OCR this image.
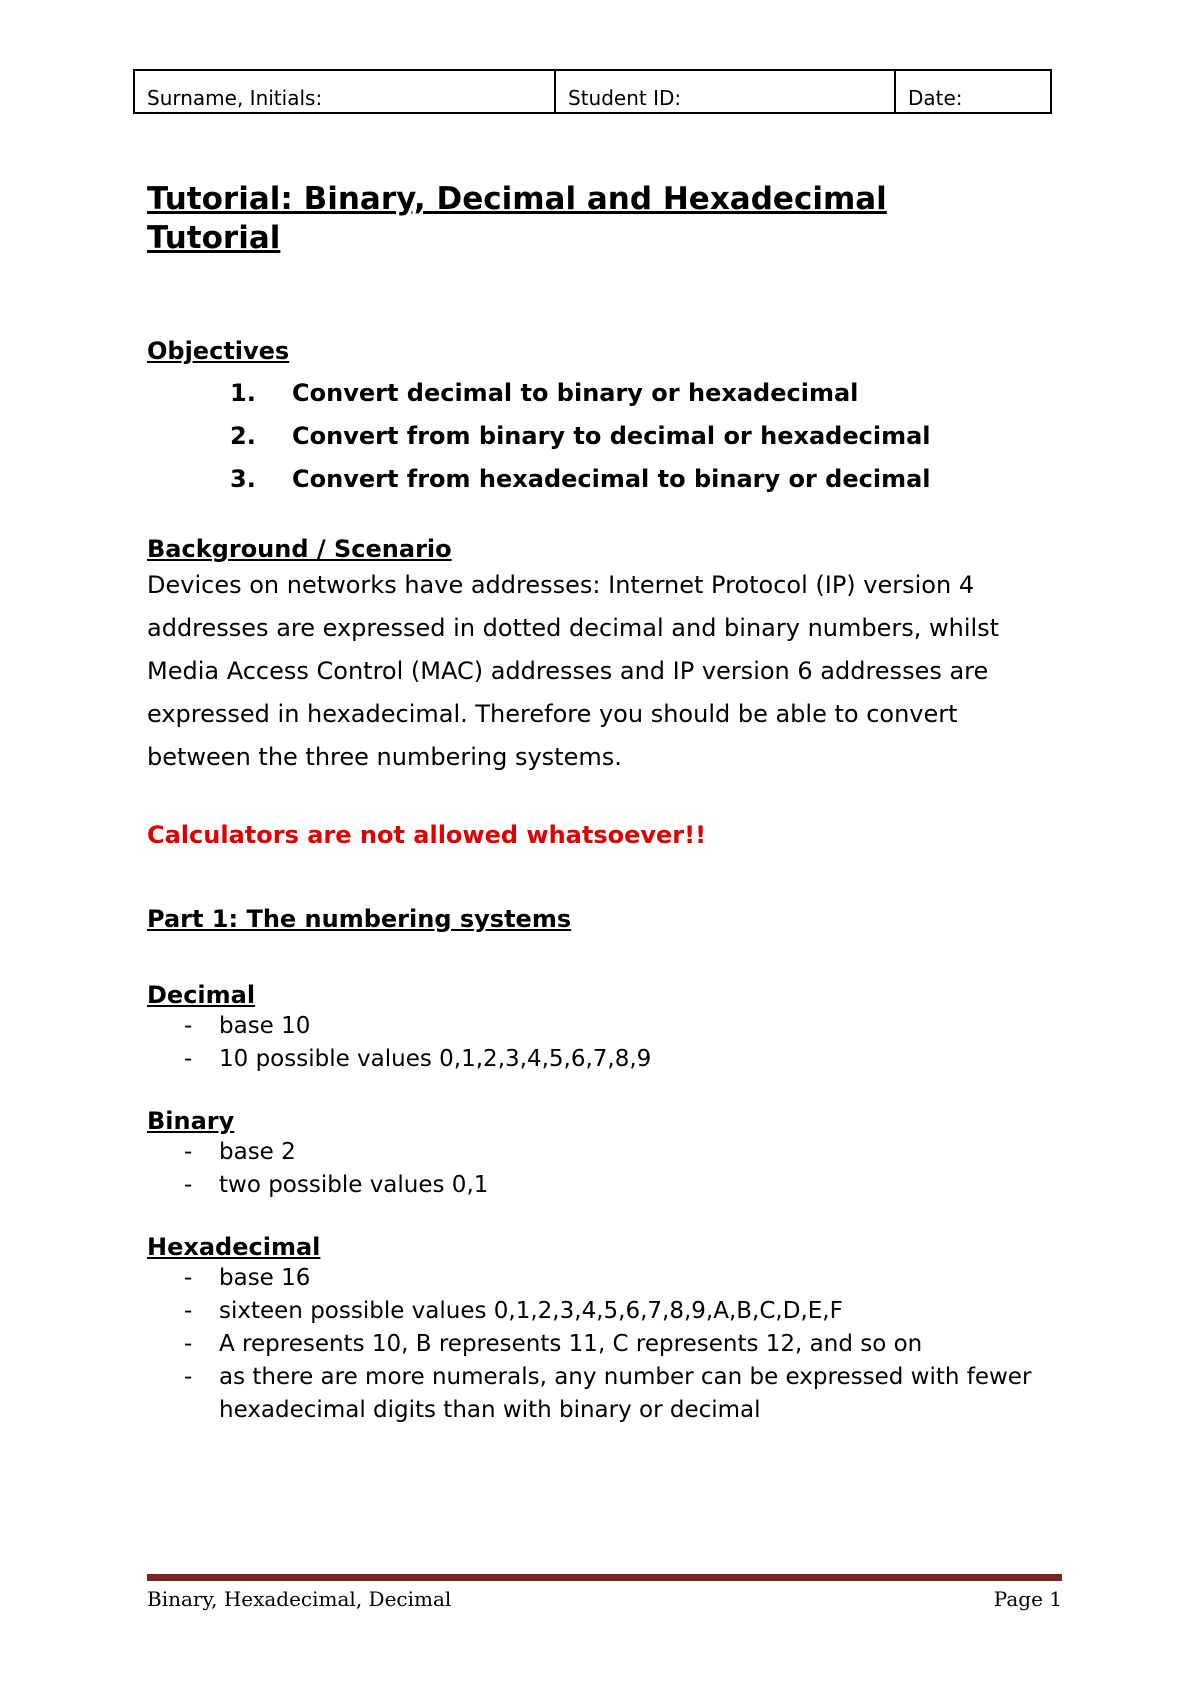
Surname, Initials:	Student ID:	Date:
Tutorial: Binary, Decimal and Hexadecimal Tutorial
Objectives
1.	Convert decimal to binary or hexadecimal
2.	Convert from binary to decimal or hexadecimal
3.	Convert from hexadecimal to binary or decimal
Background / Scenario

Devices on networks have addresses: Internet Protocol (IP) version 4 addresses are expressed in dotted decimal and binary numbers, whilst Media Access Control (MAC) addresses and IP version 6 addresses are expressed in hexadecimal. Therefore you should be able to convert between the three numbering systems.

Calculators are not allowed whatsoever!!

Part 1: The numbering systems
Decimal
-	base 10
-	10 possible values 0,1,2,3,4,5,6,7,8,9
Binary
-	base 2
-	two possible values 0,1
Hexadecimal
-	base 16
-	sixteen possible values 0,1,2,3,4,5,6,7,8,9,A,B,C,D,E,F
-	A represents 10, B represents 11, C represents 12, and so on
-	as there are more numerals, any number can be expressed with fewer hexadecimal digits than with binary or decimal
Binary, Hexadecimal, Decimal	Page 1
